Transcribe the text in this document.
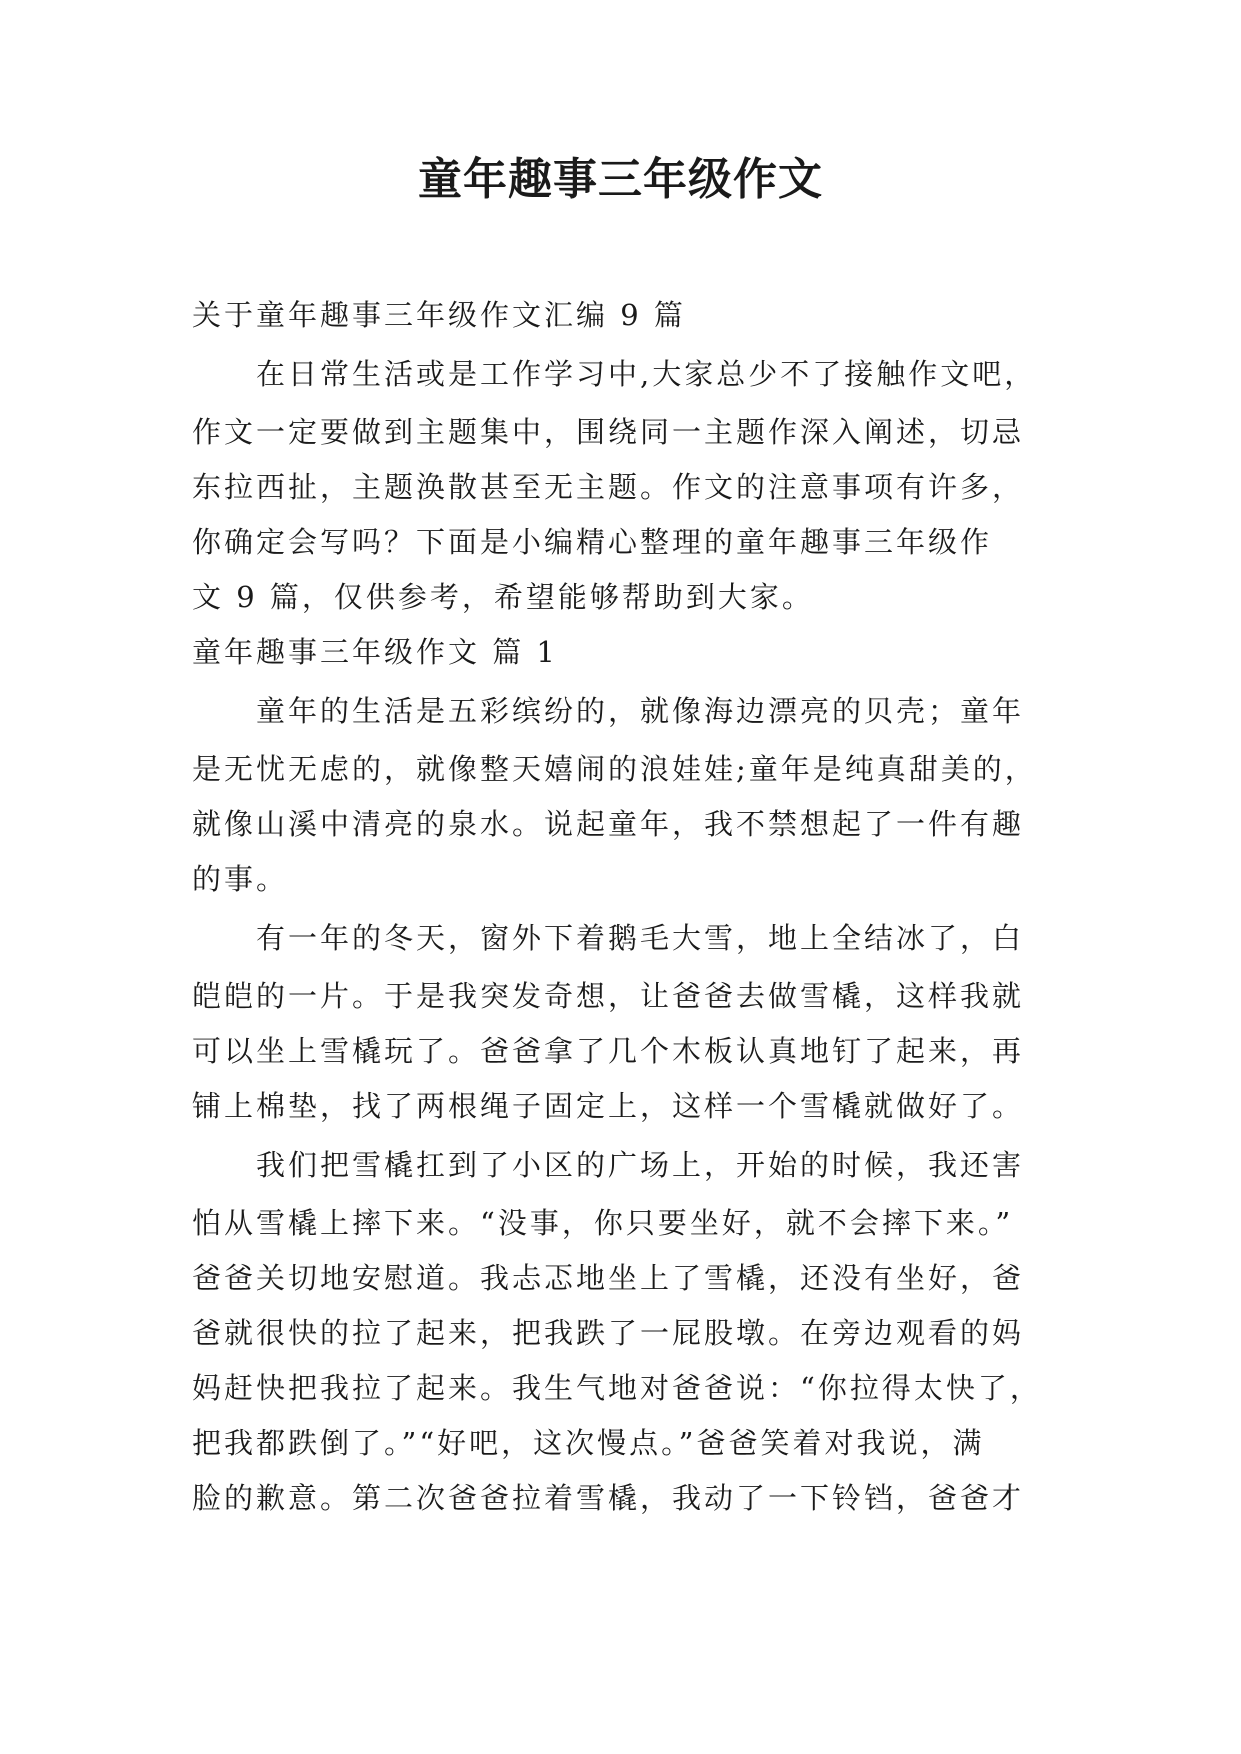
童年趣事三年级作文
关于童年趣事三年级作文汇编 9 篇
在日常生活或是工作学习中,大家总少不了接触作文吧，
作文一定要做到主题集中，围绕同一主题作深入阐述，切忌
东拉西扯，主题涣散甚至无主题。作文的注意事项有许多，
你确定会写吗？下面是小编精心整理的童年趣事三年级作
文 9 篇，仅供参考，希望能够帮助到大家。
童年趣事三年级作文 篇 1
童年的生活是五彩缤纷的，就像海边漂亮的贝壳；童年
是无忧无虑的，就像整天嬉闹的浪娃娃;童年是纯真甜美的，
就像山溪中清亮的泉水。说起童年，我不禁想起了一件有趣
的事。
有一年的冬天，窗外下着鹅毛大雪，地上全结冰了，白
皑皑的一片。于是我突发奇想，让爸爸去做雪橇，这样我就
可以坐上雪橇玩了。爸爸拿了几个木板认真地钉了起来，再
铺上棉垫，找了两根绳子固定上，这样一个雪橇就做好了。
我们把雪橇扛到了小区的广场上，开始的时候，我还害
怕从雪橇上摔下来。“没事，你只要坐好，就不会摔下来。”
爸爸关切地安慰道。我忐忑地坐上了雪橇，还没有坐好，爸
爸就很快的拉了起来，把我跌了一屁股墩。在旁边观看的妈
妈赶快把我拉了起来。我生气地对爸爸说：“你拉得太快了，
把我都跌倒了。”“好吧，这次慢点。”爸爸笑着对我说，满
脸的歉意。第二次爸爸拉着雪橇，我动了一下铃铛，爸爸才
